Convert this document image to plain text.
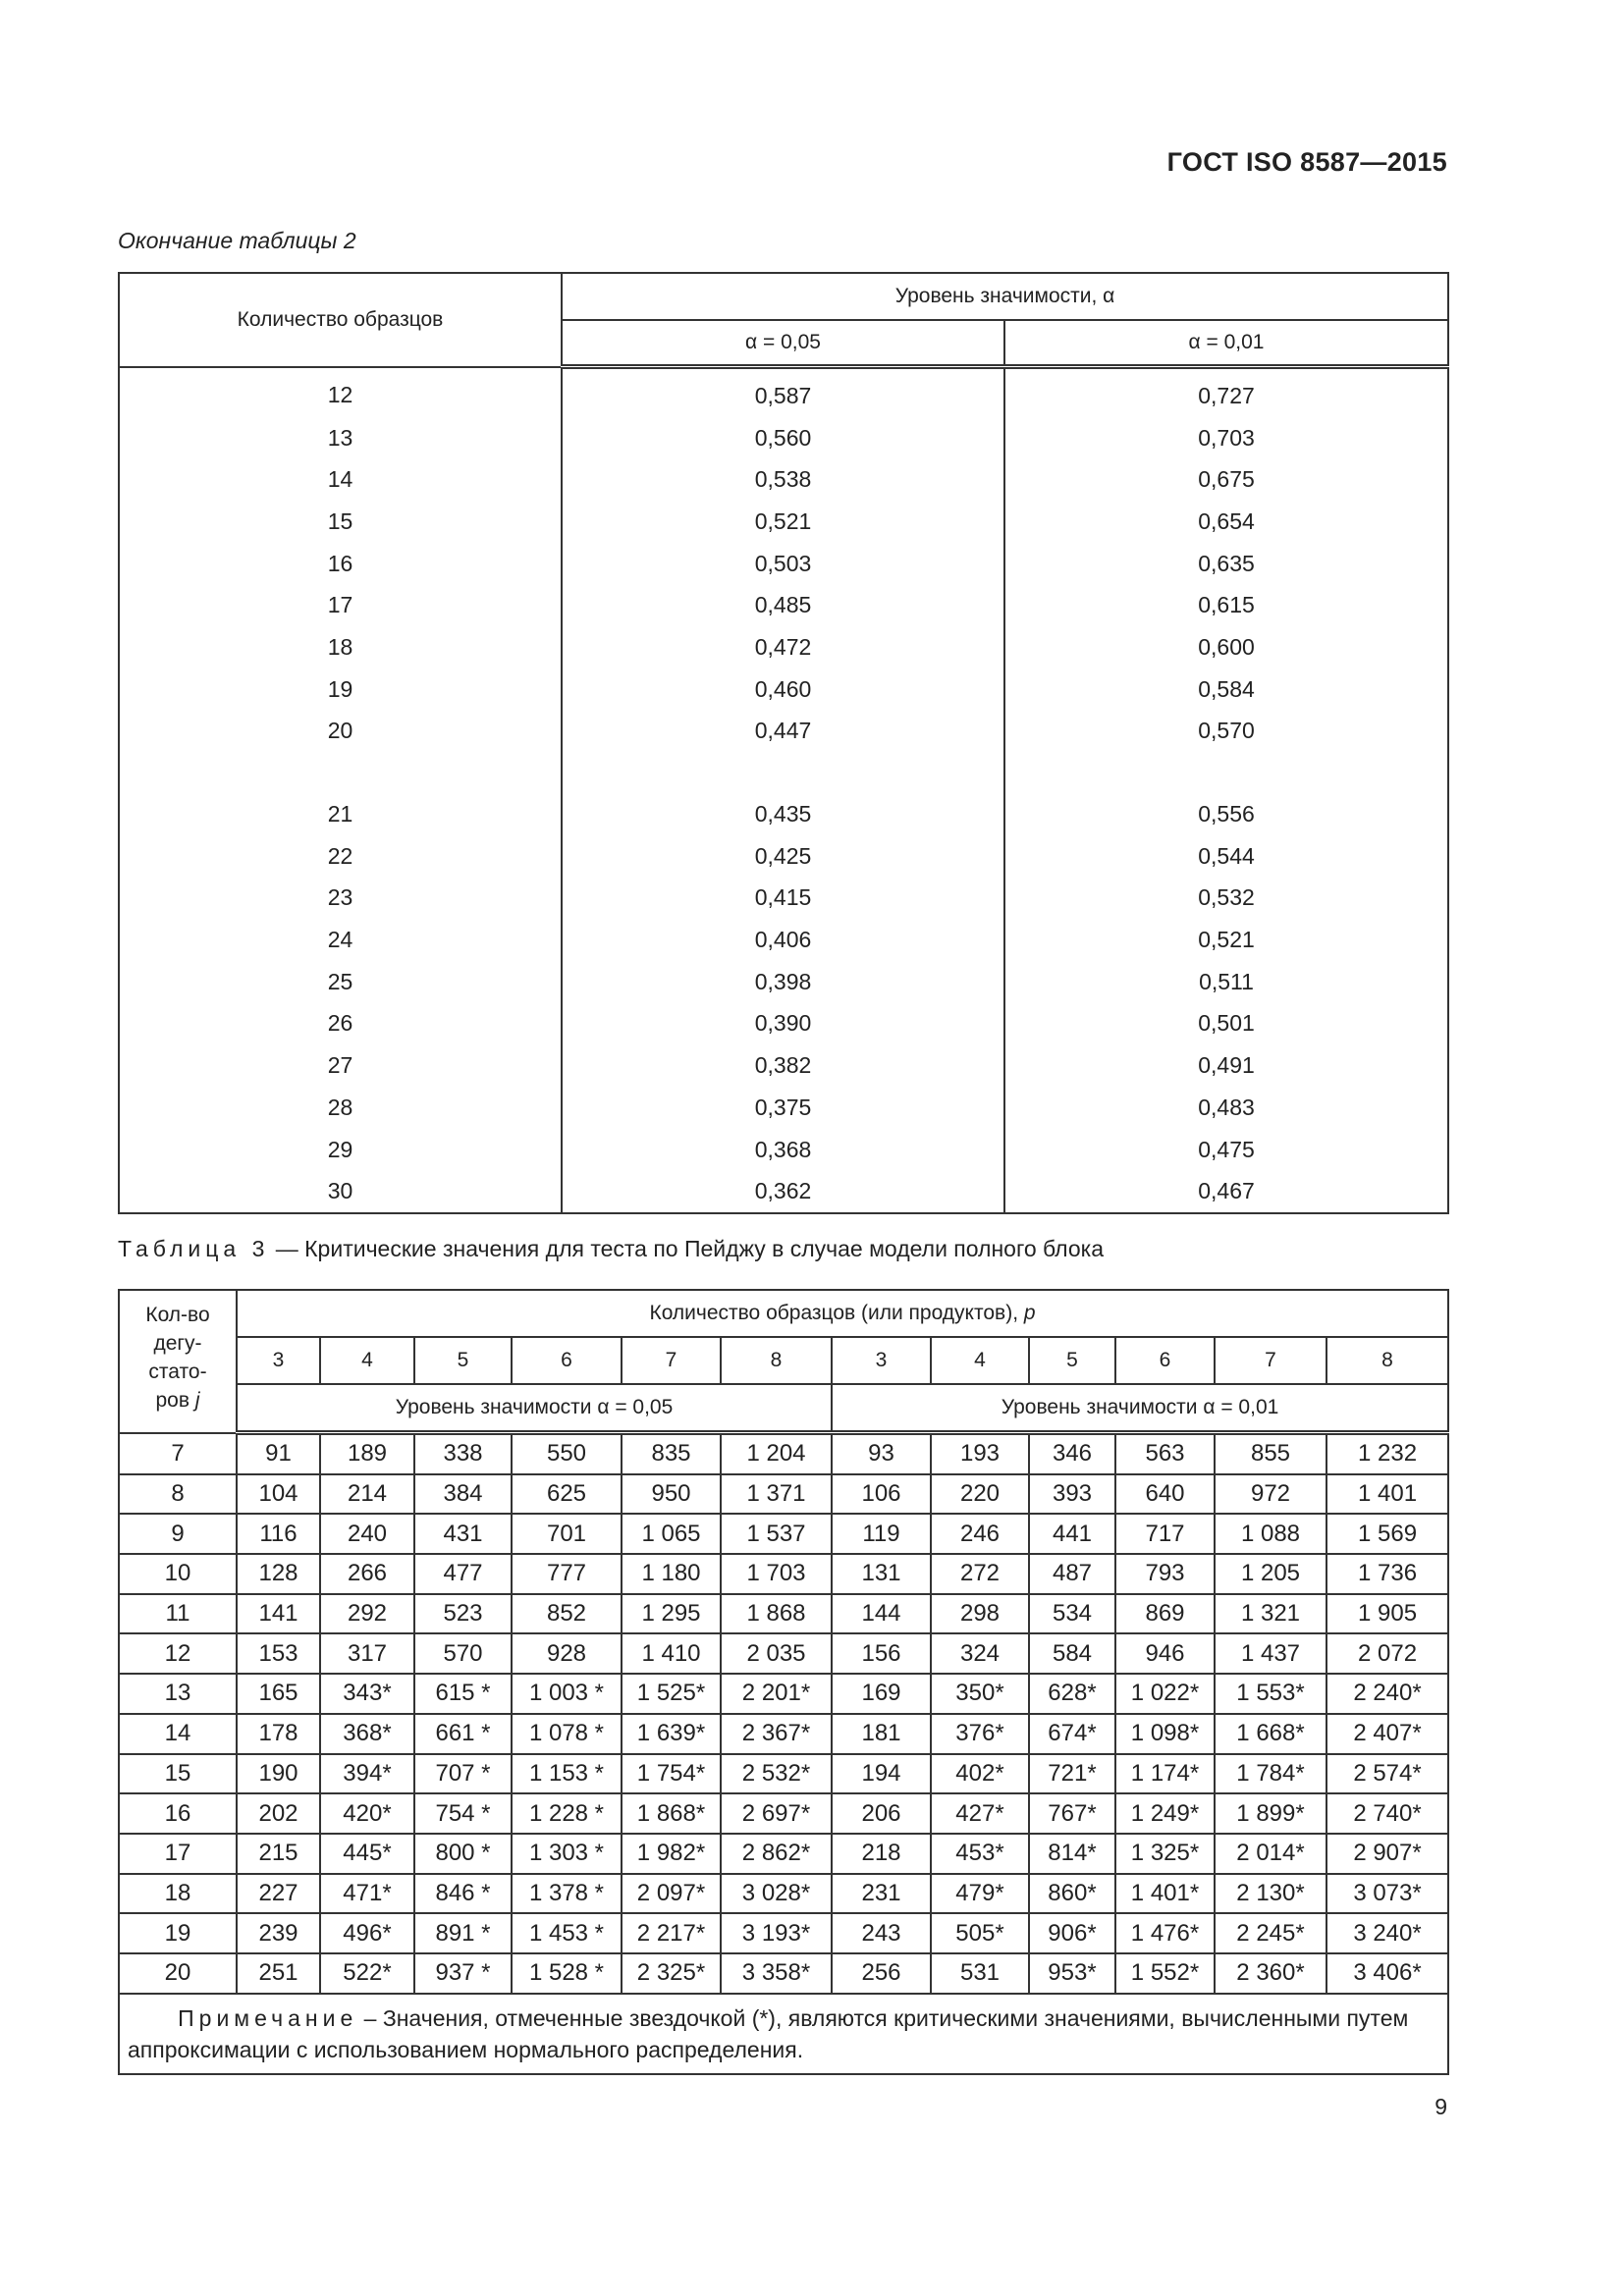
ГОСТ ISO 8587—2015
Окончание таблицы 2
Количество образцов	Уровень значимости, α	
	α = 0,05	α = 0,01
12	0,587	0,727
13	0,560	0,703
14	0,538	0,675
15	0,521	0,654
16	0,503	0,635
17	0,485	0,615
18	0,472	0,600
19	0,460	0,584
20	0,447	0,570

21	0,435	0,556
22	0,425	0,544
23	0,415	0,532
24	0,406	0,521
25	0,398	0,511
26	0,390	0,501
27	0,382	0,491
28	0,375	0,483
29	0,368	0,475
30	0,362	0,467
Таблица 3 — Критические значения для теста по Пейджу в случае модели полного блока
Кол-во
дегу-
стато-
ров j	Количество образцов (или продуктов), p											
	3	4	5	6	7	8	3	4	5	6	7	8
	Уровень значимости α = 0,05						Уровень значимости α = 0,01					
7	91	189	338	550	835	1 204	93	193	346	563	855	1 232
8	104	214	384	625	950	1 371	106	220	393	640	972	1 401
9	116	240	431	701	1 065	1 537	119	246	441	717	1 088	1 569
10	128	266	477	777	1 180	1 703	131	272	487	793	1 205	1 736
11	141	292	523	852	1 295	1 868	144	298	534	869	1 321	1 905
12	153	317	570	928	1 410	2 035	156	324	584	946	1 437	2 072
13	165	343*	615 *	1 003 *	1 525*	2 201*	169	350*	628*	1 022*	1 553*	2 240*
14	178	368*	661 *	1 078 *	1 639*	2 367*	181	376*	674*	1 098*	1 668*	2 407*
15	190	394*	707 *	1 153 *	1 754*	2 532*	194	402*	721*	1 174*	1 784*	2 574*
16	202	420*	754 *	1 228 *	1 868*	2 697*	206	427*	767*	1 249*	1 899*	2 740*
17	215	445*	800 *	1 303 *	1 982*	2 862*	218	453*	814*	1 325*	2 014*	2 907*
18	227	471*	846 *	1 378 *	2 097*	3 028*	231	479*	860*	1 401*	2 130*	3 073*
19	239	496*	891 *	1 453 *	2 217*	3 193*	243	505*	906*	1 476*	2 245*	3 240*
20	251	522*	937 *	1 528 *	2 325*	3 358*	256	531	953*	1 552*	2 360*	3 406*
Примечание – Значения, отмеченные звездочкой (*), являются критическими значениями, вычисленными путем аппроксимации с использованием нормального распределения.												
9
